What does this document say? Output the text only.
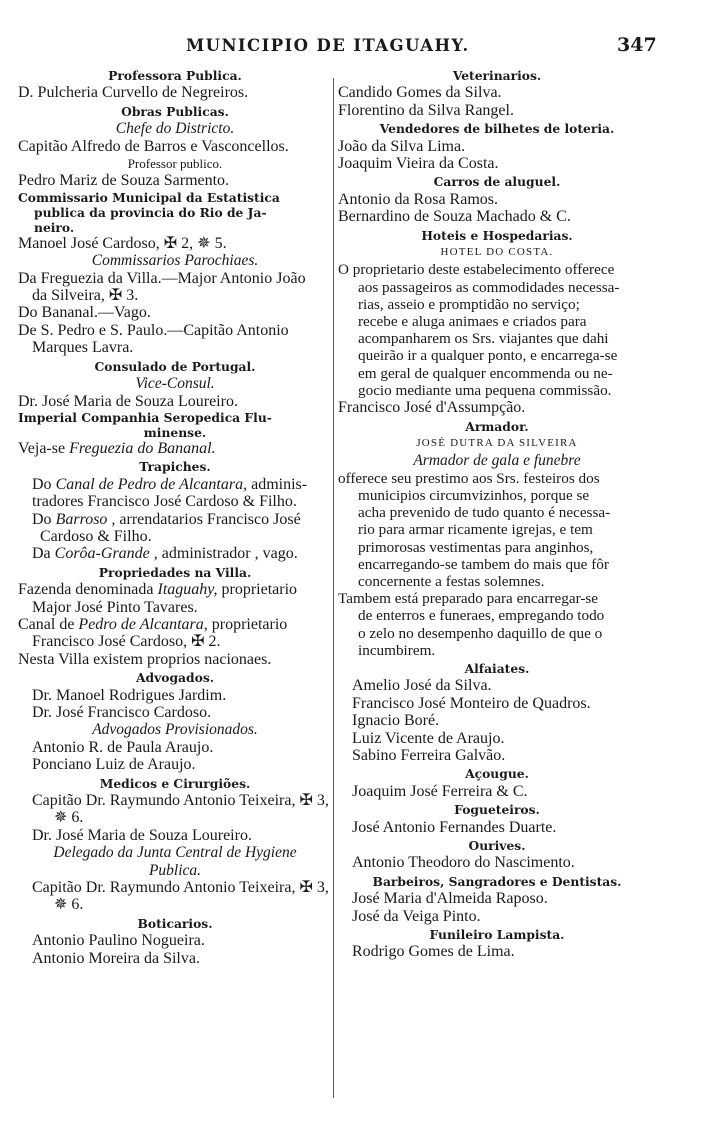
MUNICIPIO DE ITAGUAHY.	347
Professora Publica.
D. Pulcheria Curvello de Negreiros.
Obras Publicas.
Chefe do Districto.
Capitão Alfredo de Barros e Vasconcellos.
Professor publico.
Pedro Mariz de Souza Sarmento.
Commissario Municipal da Estatistica
publica da provincia do Rio de Ja-
neiro.
Manoel José Cardoso, ✠ 2, ✵ 5.
Commissarios Parochiaes.
Da Freguezia da Villa.—Major Antonio João
da Silveira, ✠ 3.
Do Bananal.—Vago.
De S. Pedro e S. Paulo.—Capitão Antonio
Marques Lavra.
Consulado de Portugal.
Vice-Consul.
Dr. José Maria de Souza Loureiro.
Imperial Companhia Seropedica Flu-
minense.
Veja-se Freguezia do Bananal.
Trapiches.
Do Canal de Pedro de Alcantara, adminis-
tradores Francisco José Cardoso & Filho.
Do Barroso , arrendatarios Francisco José
Cardoso & Filho.
Da Corôa-Grande , administrador , vago.
Propriedades na Villa.
Fazenda denominada Itaguahy, proprietario
Major José Pinto Tavares.
Canal de Pedro de Alcantara, proprietario
Francisco José Cardoso, ✠ 2.
Nesta Villa existem proprios nacionaes.
Advogados.
Dr. Manoel Rodrigues Jardim.
Dr. José Francisco Cardoso.
Advogados Provisionados.
Antonio R. de Paula Araujo.
Ponciano Luiz de Araujo.
Medicos e Cirurgiões.
Capitão Dr. Raymundo Antonio Teixeira, ✠ 3,
✵ 6.
Dr. José Maria de Souza Loureiro.
Delegado da Junta Central de Hygiene
Publica.
Capitão Dr. Raymundo Antonio Teixeira, ✠ 3,
✵ 6.
Boticarios.
Antonio Paulino Nogueira.
Antonio Moreira da Silva.
Veterinarios.
Candido Gomes da Silva.
Florentino da Silva Rangel.
Vendedores de bilhetes de loteria.
João da Silva Lima.
Joaquim Vieira da Costa.
Carros de aluguel.
Antonio da Rosa Ramos.
Bernardino de Souza Machado & C.
Hoteis e Hospedarias.
HOTEL DO COSTA.
O proprietario deste estabelecimento offerece
aos passageiros as commodidades necessa-
rias, asseio e promptidão no serviço;
recebe e aluga animaes e criados para
acompanharem os Srs. viajantes que dahi
queirão ir a qualquer ponto, e encarrega-se
em geral de qualquer encommenda ou ne-
gocio mediante uma pequena commissão.
Francisco José d'Assumpção.
Armador.
JOSÉ DUTRA DA SILVEIRA
Armador de gala e funebre
offerece seu prestimo aos Srs. festeiros dos
municipios circumvizinhos, porque se
acha prevenido de tudo quanto é necessa-
rio para armar ricamente igrejas, e tem
primorosas vestimentas para anginhos,
encarregando-se tambem do mais que fôr
concernente a festas solemnes.
Tambem está preparado para encarregar-se
de enterros e funeraes, empregando todo
o zelo no desempenho daquillo de que o
incumbirem.
Alfaiates.
Amelio José da Silva.
Francisco José Monteiro de Quadros.
Ignacio Boré.
Luiz Vicente de Araujo.
Sabino Ferreira Galvão.
Açougue.
Joaquim José Ferreira & C.
Fogueteiros.
José Antonio Fernandes Duarte.
Ourives.
Antonio Theodoro do Nascimento.
Barbeiros, Sangradores e Dentistas.
José Maria d'Almeida Raposo.
José da Veiga Pinto.
Funileiro Lampista.
Rodrigo Gomes de Lima.
